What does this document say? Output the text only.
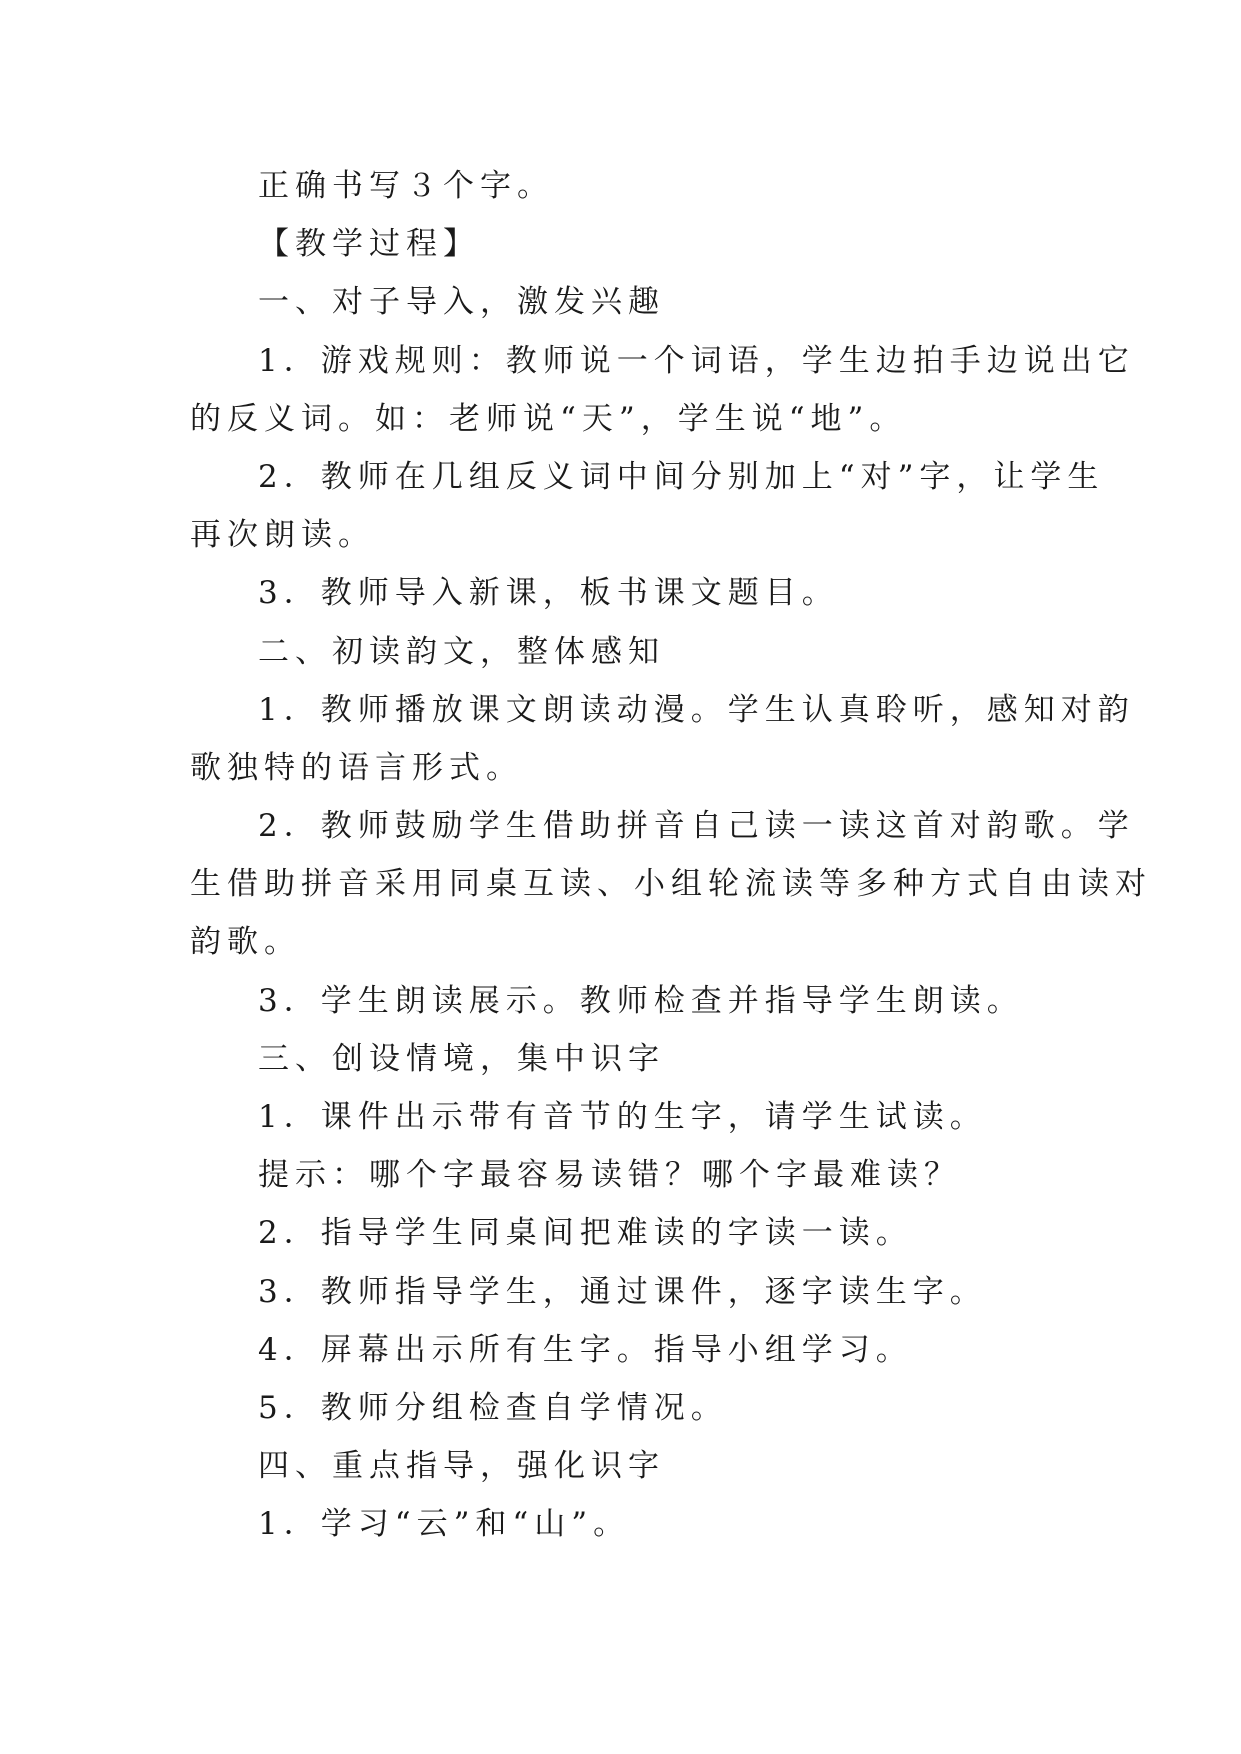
正确书写３个字。
【教学过程】
一、对子导入，激发兴趣
1．游戏规则：教师说一个词语，学生边拍手边说出它
的反义词。如：老师说“天”，学生说“地”。
2．教师在几组反义词中间分别加上“对”字，让学生
再次朗读。
3．教师导入新课，板书课文题目。
二、初读韵文，整体感知
1．教师播放课文朗读动漫。学生认真聆听，感知对韵
歌独特的语言形式。
2．教师鼓励学生借助拼音自己读一读这首对韵歌。学
生借助拼音采用同桌互读、小组轮流读等多种方式自由读对
韵歌。
3．学生朗读展示。教师检查并指导学生朗读。
三、创设情境，集中识字
1．课件出示带有音节的生字，请学生试读。
提示：哪个字最容易读错？哪个字最难读？
2．指导学生同桌间把难读的字读一读。
3．教师指导学生，通过课件，逐字读生字。
4．屏幕出示所有生字。指导小组学习。
5．教师分组检查自学情况。
四、重点指导，强化识字
1．学习“云”和“山”。
